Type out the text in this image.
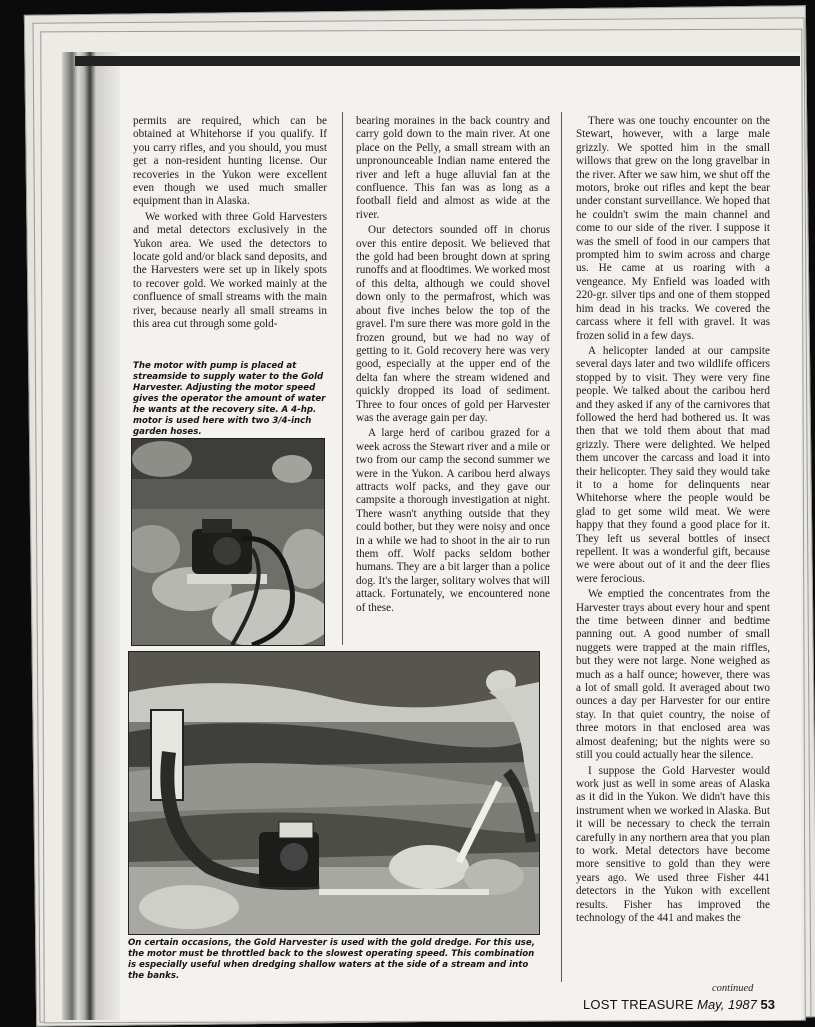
permits are required, which can be obtained at Whitehorse if you qualify. If you carry rifles, and you should, you must get a non-resident hunting license. Our recoveries in the Yukon were excellent even though we used much smaller equipment than in Alaska.

We worked with three Gold Harvesters and metal detectors exclusively in the Yukon area. We used the detectors to locate gold and/or black sand deposits, and the Harvesters were set up in likely spots to recover gold. We worked mainly at the confluence of small streams with the main river, because nearly all small streams in this area cut through some gold-

bearing moraines in the back country and carry gold down to the main river. At one place on the Pelly, a small stream with an unpronounceable Indian name entered the river and left a huge alluvial fan at the confluence. This fan was as long as a football field and almost as wide at the river.

Our detectors sounded off in chorus over this entire deposit. We believed that the gold had been brought down at spring runoffs and at floodtimes. We worked most of this delta, although we could shovel down only to the permafrost, which was about five inches below the top of the gravel. I'm sure there was more gold in the frozen ground, but we had no way of getting to it. Gold recovery here was very good, especially at the upper end of the delta fan where the stream widened and quickly dropped its load of sediment. Three to four onces of gold per Harvester was the average gain per day.

A large herd of caribou grazed for a week across the Stewart river and a mile or two from our camp the second summer we were in the Yukon. A caribou herd always attracts wolf packs, and they gave our campsite a thorough investigation at night. There wasn't anything outside that they could bother, but they were noisy and once in a while we had to shoot in the air to run them off. Wolf packs seldom bother humans. They are a bit larger than a police dog. It's the larger, solitary wolves that will attack. Fortunately, we encountered none of these.

There was one touchy encounter on the Stewart, however, with a large male grizzly. We spotted him in the small willows that grew on the long gravelbar in the river. After we saw him, we shut off the motors, broke out rifles and kept the bear under constant surveillance. We hoped that he couldn't swim the main channel and come to our side of the river. I suppose it was the smell of food in our campers that prompted him to swim across and charge us. He came at us roaring with a vengeance. My Enfield was loaded with 220-gr. silver tips and one of them stopped him dead in his tracks. We covered the carcass where it fell with gravel. It was frozen solid in a few days.

A helicopter landed at our campsite several days later and two wildlife officers stopped by to visit. They were very fine people. We talked about the caribou herd and they asked if any of the carnivores that followed the herd had bothered us. It was then that we told them about that mad grizzly. There were delighted. We helped them uncover the carcass and load it into their helicopter. They said they would take it to a home for delinquents near Whitehorse where the people would be glad to get some wild meat. We were happy that they found a good place for it. They left us several bottles of insect repellent. It was a wonderful gift, because we were about out of it and the deer flies were ferocious.

We emptied the concentrates from the Harvester trays about every hour and spent the time between dinner and bedtime panning out. A good number of small nuggets were trapped at the main riffles, but they were not large. None weighed as much as a half ounce; however, there was a lot of small gold. It averaged about two ounces a day per Harvester for our entire stay. In that quiet country, the noise of three motors in that enclosed area was almost deafening; but the nights were so still you could actually hear the silence.

I suppose the Gold Harvester would work just as well in some areas of Alaska as it did in the Yukon. We didn't have this instrument when we worked in Alaska. But it will be necessary to check the terrain carefully in any northern area that you plan to work. Metal detectors have become more sensitive to gold than they were years ago. We used three Fisher 441 detectors in the Yukon with excellent results. Fisher has improved the technology of the 441 and makes the

The motor with pump is placed at streamside to supply water to the Gold Harvester. Adjusting the motor speed gives the operator the amount of water he wants at the recovery site. A 4-hp. motor is used here with two 3/4-inch garden hoses.
On certain occasions, the Gold Harvester is used with the gold dredge. For this use, the motor must be throttled back to the slowest operating speed. This combination is especially useful when dredging shallow waters at the side of a stream and into the banks.
continued
LOST TREASURE May, 1987 53
